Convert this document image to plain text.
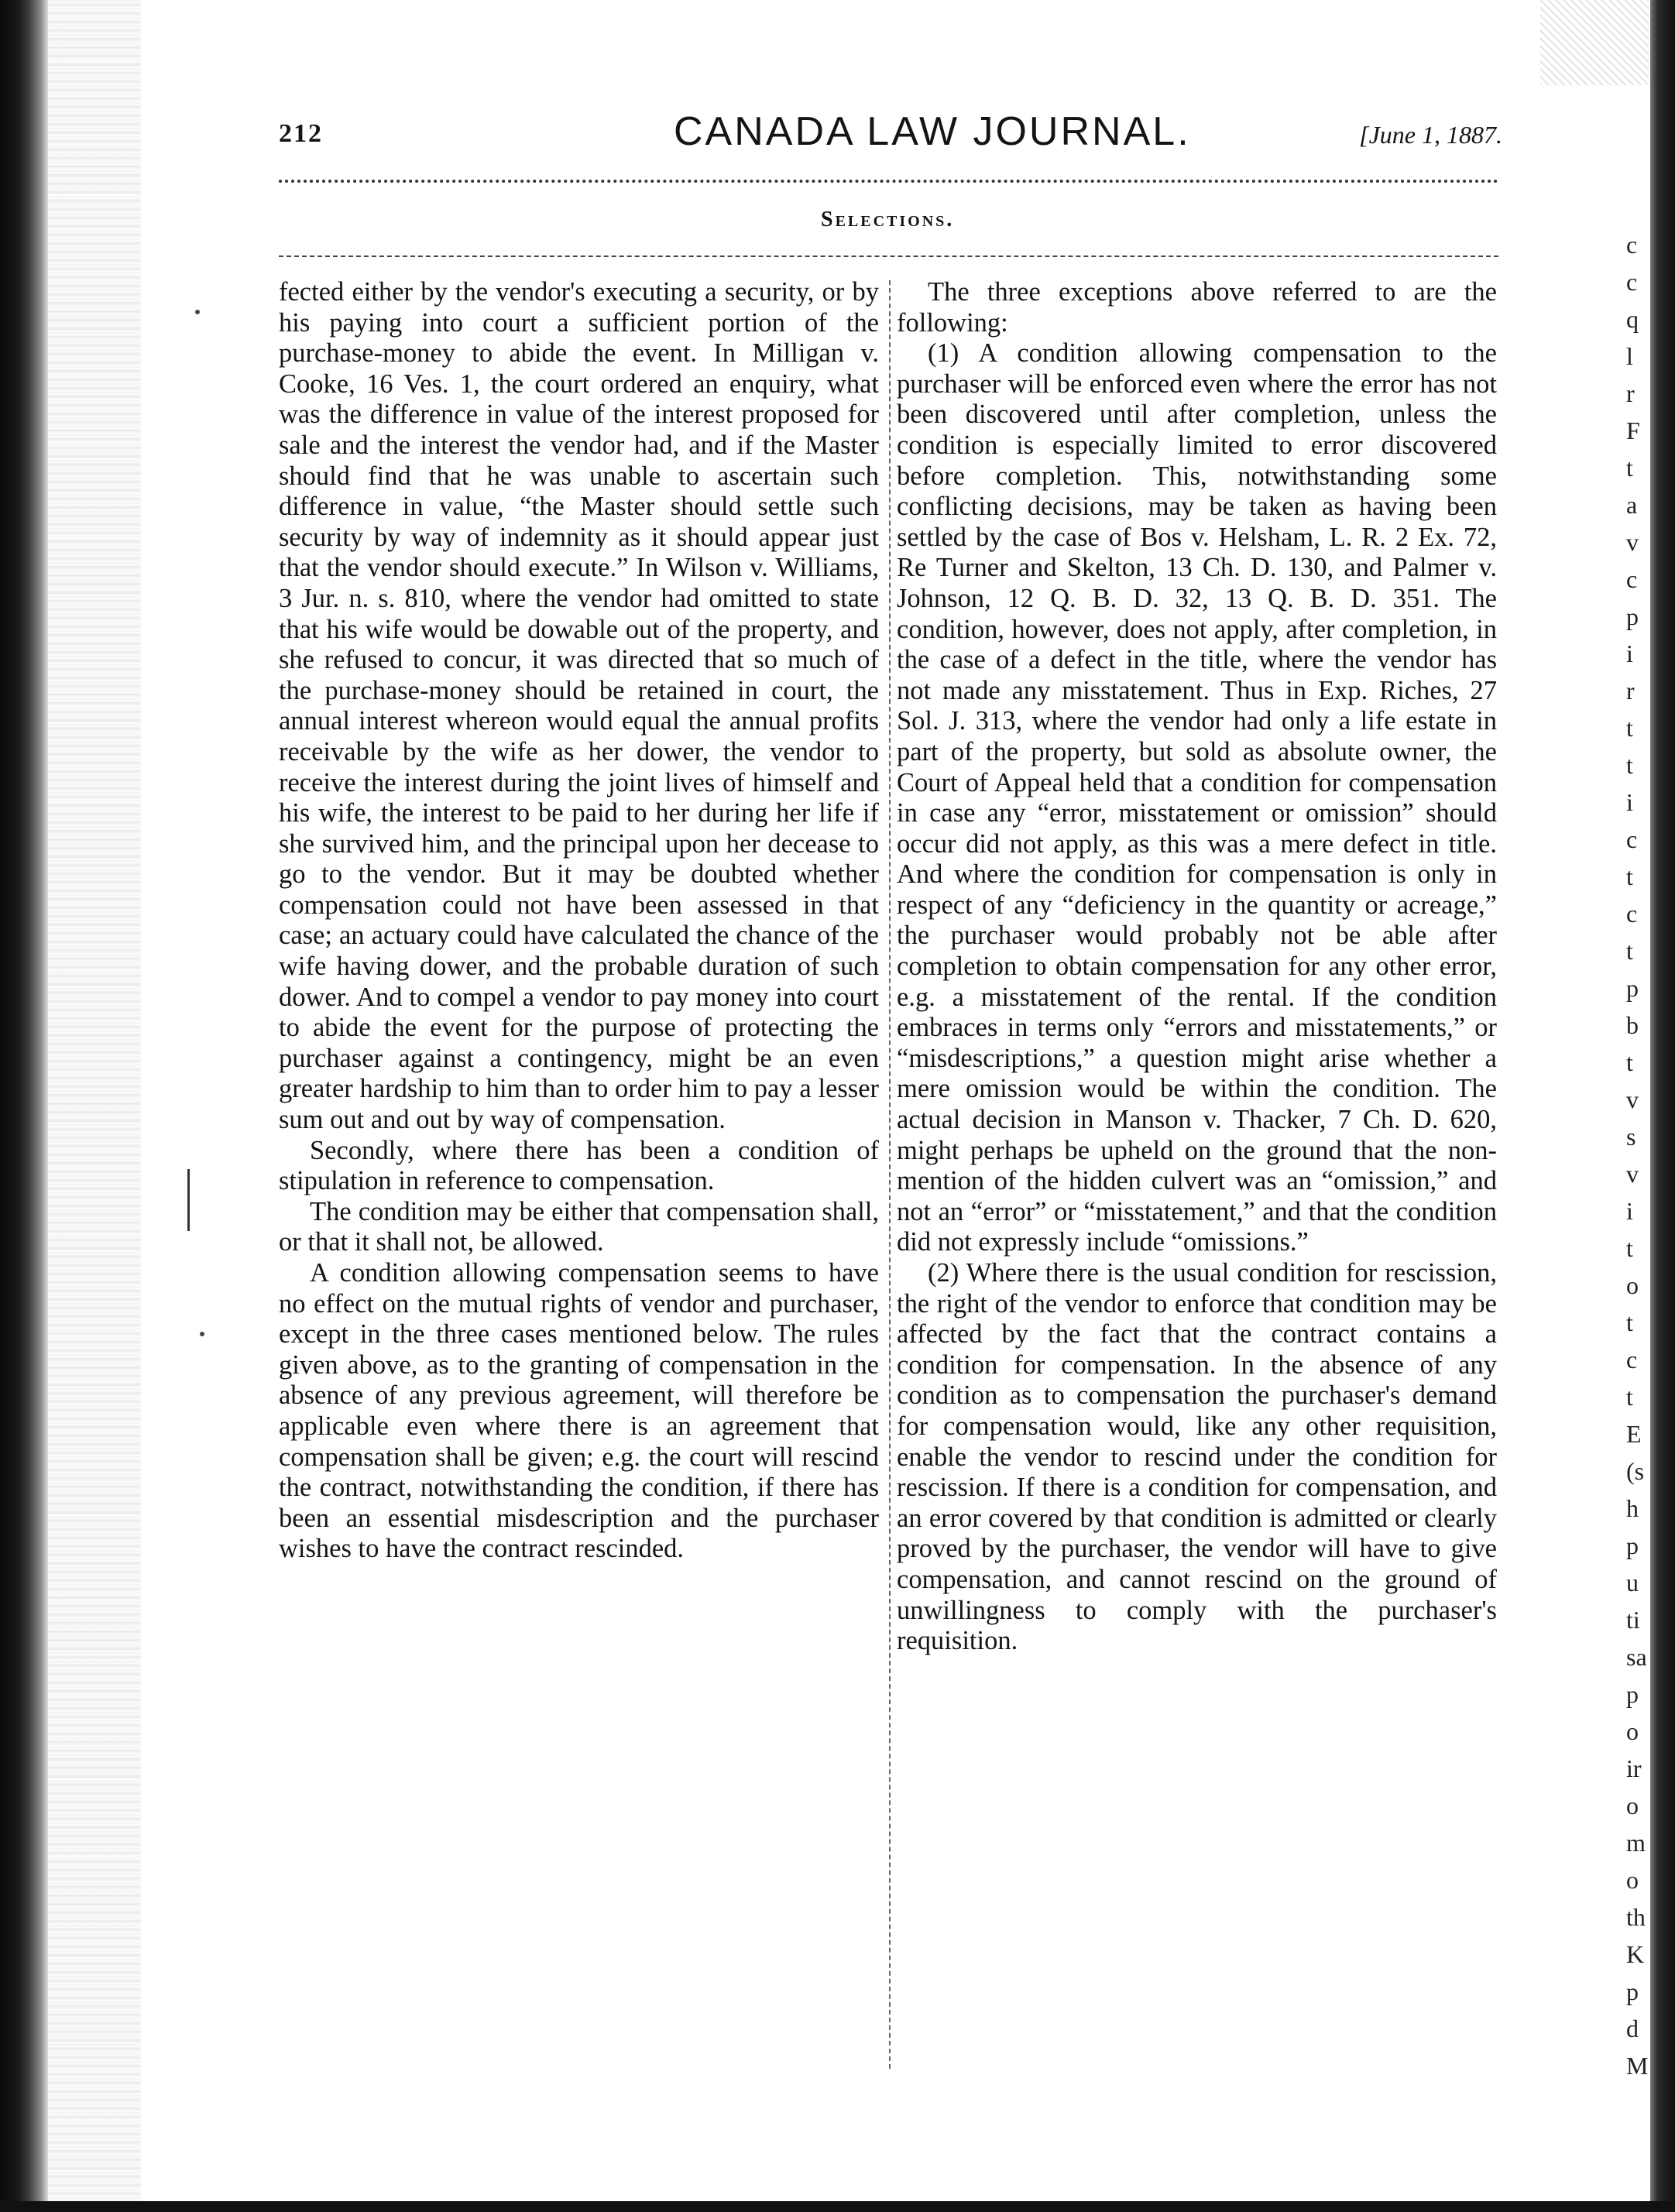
c
c
q
l
r
F
t
a
v
c
p
i
r
t
t
i
c
t
c
t
p
b
t
v
s
v
i
t
o
t
c
t
E
(s
h
p
u
ti
sa
p
o
ir
o
m
o
th
K
p
d
M
212	CANADA LAW JOURNAL.	[June 1, 1887.
Selections.

fected either by the vendor's executing a security, or by his paying into court a sufficient portion of the purchase-money to abide the event. In Milligan v. Cooke, 16 Ves. 1, the court ordered an enquiry, what was the difference in value of the interest proposed for sale and the interest the vendor had, and if the Master should find that he was unable to ascertain such difference in value, “the Master should settle such security by way of indemnity as it should appear just that the vendor should execute.” In Wilson v. Williams, 3 Jur. n. s. 810, where the vendor had omitted to state that his wife would be dowable out of the property, and she refused to concur, it was directed that so much of the purchase-money should be retained in court, the annual interest whereon would equal the annual profits receivable by the wife as her dower, the vendor to receive the interest during the joint lives of himself and his wife, the interest to be paid to her during her life if she survived him, and the principal upon her decease to go to the vendor. But it may be doubted whether compensation could not have been assessed in that case; an actuary could have calculated the chance of the wife having dower, and the probable duration of such dower. And to compel a vendor to pay money into court to abide the event for the purpose of protecting the purchaser against a contingency, might be an even greater hardship to him than to order him to pay a lesser sum out and out by way of compensation.

Secondly, where there has been a condition of stipulation in reference to compensation.

The condition may be either that compensation shall, or that it shall not, be allowed.

A condition allowing compensation seems to have no effect on the mutual rights of vendor and purchaser, except in the three cases mentioned below. The rules given above, as to the granting of compensation in the absence of any previous agreement, will therefore be applicable even where there is an agreement that compensation shall be given; e.g. the court will rescind the contract, notwithstanding the condition, if there has been an essential misdescription and the purchaser wishes to have the contract rescinded.

The three exceptions above referred to are the following:

(1) A condition allowing compensation to the purchaser will be enforced even where the error has not been discovered until after completion, unless the condition is especially limited to error discovered before completion. This, notwithstanding some conflicting decisions, may be taken as having been settled by the case of Bos v. Helsham, L. R. 2 Ex. 72, Re Turner and Skelton, 13 Ch. D. 130, and Palmer v. Johnson, 12 Q. B. D. 32, 13 Q. B. D. 351. The condition, however, does not apply, after completion, in the case of a defect in the title, where the vendor has not made any misstatement. Thus in Exp. Riches, 27 Sol. J. 313, where the vendor had only a life estate in part of the property, but sold as absolute owner, the Court of Appeal held that a condition for compensation in case any “error, misstatement or omission” should occur did not apply, as this was a mere defect in title. And where the condition for compensation is only in respect of any “deficiency in the quantity or acreage,” the purchaser would probably not be able after completion to obtain compensation for any other error, e.g. a misstatement of the rental. If the condition embraces in terms only “errors and misstatements,” or “misdescriptions,” a question might arise whether a mere omission would be within the condition. The actual decision in Manson v. Thacker, 7 Ch. D. 620, might perhaps be upheld on the ground that the non-mention of the hidden culvert was an “omission,” and not an “error” or “misstatement,” and that the condition did not expressly include “omissions.”

(2) Where there is the usual condition for rescission, the right of the vendor to enforce that condition may be affected by the fact that the contract contains a condition for compensation. In the absence of any condition as to compensation the purchaser's demand for compensation would, like any other requisition, enable the vendor to rescind under the condition for rescission. If there is a condition for compensation, and an error covered by that condition is admitted or clearly proved by the purchaser, the vendor will have to give compensation, and cannot rescind on the ground of unwillingness to comply with the purchaser's requisition.
